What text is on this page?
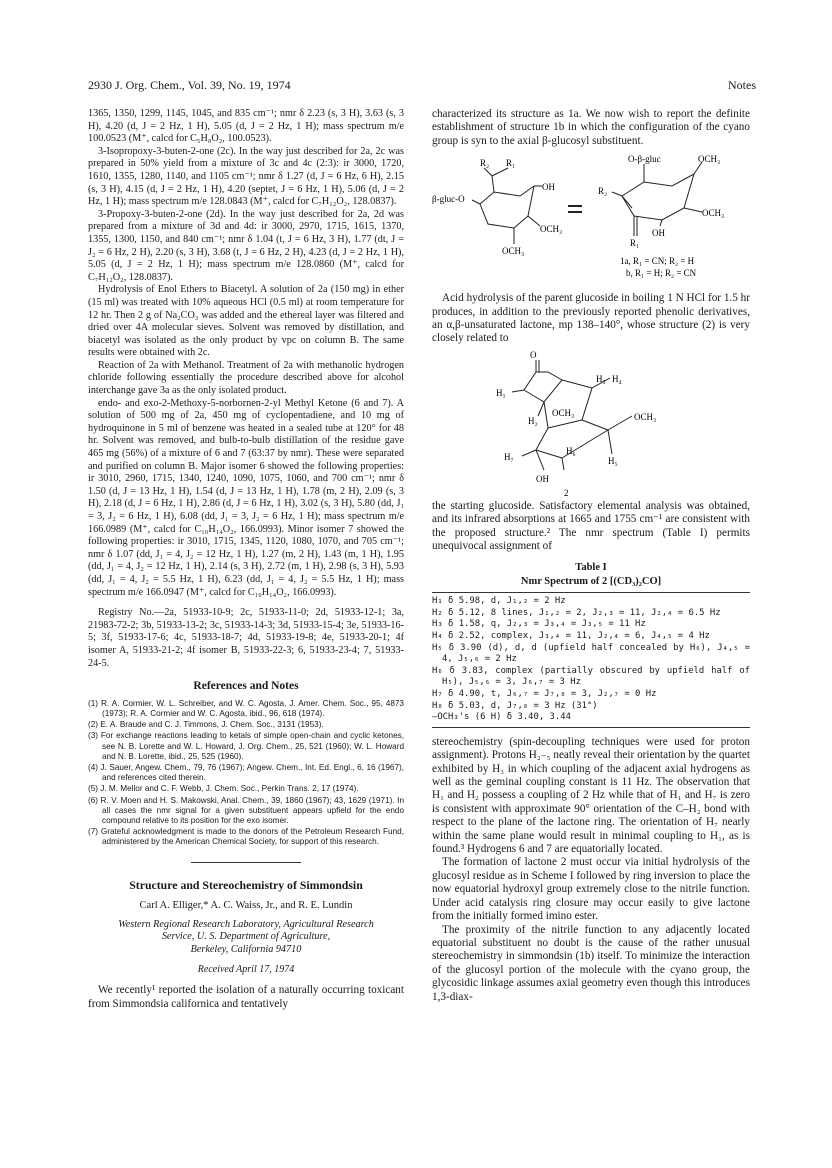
2930 J. Org. Chem., Vol. 39, No. 19, 1974	Notes

1365, 1350, 1299, 1145, 1045, and 835 cm⁻¹; nmr δ 2.23 (s, 3 H), 3.63 (s, 3 H), 4.20 (d, J = 2 Hz, 1 H), 5.05 (d, J = 2 Hz, 1 H); mass spectrum m/e 100.0523 (M⁺, calcd for C₅H₈O₂, 100.0523).

3-Isopropoxy-3-buten-2-one (2c). In the way just described for 2a, 2c was prepared in 50% yield from a mixture of 3c and 4c (2:3): ir 3000, 1720, 1610, 1355, 1280, 1140, and 1105 cm⁻¹; nmr δ 1.27 (d, J = 6 Hz, 6 H), 2.15 (s, 3 H), 4.15 (d, J = 2 Hz, 1 H), 4.20 (septet, J = 6 Hz, 1 H), 5.06 (d, J = 2 Hz, 1 H); mass spectrum m/e 128.0843 (M⁺, calcd for C₇H₁₂O₂, 128.0837).

3-Propoxy-3-buten-2-one (2d). In the way just described for 2a, 2d was prepared from a mixture of 3d and 4d: ir 3000, 2970, 1715, 1615, 1370, 1355, 1300, 1150, and 840 cm⁻¹; nmr δ 1.04 (t, J = 6 Hz, 3 H), 1.77 (dt, J = J₂ = 6 Hz, 2 H), 2.20 (s, 3 H), 3.68 (t, J = 6 Hz, 2 H), 4.23 (d, J = 2 Hz, 1 H), 5.05 (d, J = 2 Hz, 1 H); mass spectrum m/e 128.0860 (M⁺, calcd for C₇H₁₂O₂, 128.0837).

Hydrolysis of Enol Ethers to Biacetyl. A solution of 2a (150 mg) in ether (15 ml) was treated with 10% aqueous HCl (0.5 ml) at room temperature for 12 hr. Then 2 g of Na₂CO₃ was added and the ethereal layer was filtered and dried over 4A molecular sieves. Solvent was removed by distillation, and biacetyl was isolated as the only product by vpc on column B. The same results were obtained with 2c.

Reaction of 2a with Methanol. Treatment of 2a with methanolic hydrogen chloride following essentially the procedure described above for alcohol interchange gave 3a as the only isolated product.

endo- and exo-2-Methoxy-5-norbornen-2-yl Methyl Ketone (6 and 7). A solution of 500 mg of 2a, 450 mg of cyclopentadiene, and 10 mg of hydroquinone in 5 ml of benzene was heated in a sealed tube at 120° for 48 hr. Solvent was removed, and bulb-to-bulb distillation of the residue gave 465 mg (56%) of a mixture of 6 and 7 (63:37 by nmr). These were separated and purified on column B. Major isomer 6 showed the following properties: ir 3010, 2960, 1715, 1340, 1240, 1090, 1075, 1060, and 700 cm⁻¹; nmr δ 1.50 (d, J = 13 Hz, 1 H), 1.54 (d, J = 13 Hz, 1 H), 1.78 (m, 2 H), 2.09 (s, 3 H), 2.18 (d, J = 6 Hz, 1 H), 2.86 (d, J = 6 Hz, 1 H), 3.02 (s, 3 H), 5.80 (dd, J₁ = 3, J₂ = 6 Hz, 1 H), 6.08 (dd, J₁ = 3, J₂ = 6 Hz, 1 H); mass spectrum m/e 166.0989 (M⁺, calcd for C₁₀H₁₄O₂, 166.0993). Minor isomer 7 showed the following properties: ir 3010, 1715, 1345, 1120, 1080, 1070, and 705 cm⁻¹; nmr δ 1.07 (dd, J₁ = 4, J₂ = 12 Hz, 1 H), 1.27 (m, 2 H), 1.43 (m, 1 H), 1.95 (dd, J₁ = 4, J₂ = 12 Hz, 1 H), 2.14 (s, 3 H), 2.72 (m, 1 H), 2.98 (s, 3 H), 5.93 (dd, J₁ = 4, J₂ = 5.5 Hz, 1 H), 6.23 (dd, J₁ = 4, J₂ = 5.5 Hz, 1 H); mass spectrum m/e 166.0947 (M⁺, calcd for C₁₀H₁₄O₂, 166.0993).

Registry No.—2a, 51933-10-9; 2c, 51933-11-0; 2d, 51933-12-1; 3a, 21983-72-2; 3b, 51933-13-2; 3c, 51933-14-3; 3d, 51933-15-4; 3e, 51933-16-5; 3f, 51933-17-6; 4c, 51933-18-7; 4d, 51933-19-8; 4e, 51933-20-1; 4f isomer A, 51933-21-2; 4f isomer B, 51933-22-3; 6, 51933-23-4; 7, 51933-24-5.

References and Notes
(1) R. A. Cormier, W. L. Schreiber, and W. C. Agosta, J. Amer. Chem. Soc., 95, 4873 (1973); R. A. Cormier and W. C. Agosta, ibid., 96, 618 (1974).
(2) E. A. Braude and C. J. Timmons, J. Chem. Soc., 3131 (1953).
(3) For exchange reactions leading to ketals of simple open-chain and cyclic ketones, see N. B. Lorette and W. L. Howard, J. Org. Chem., 25, 521 (1960); W. L. Howard and N. B. Lorette, ibid., 25, 525 (1960).
(4) J. Sauer, Angew. Chem., 79, 76 (1967); Angew. Chem., Int. Ed. Engl., 6, 16 (1967), and references cited therein.
(5) J. M. Mellor and C. F. Webb, J. Chem. Soc., Perkin Trans. 2, 17 (1974).
(6) R. V. Moen and H. S. Makowski, Anal. Chem., 39, 1860 (1967); 43, 1629 (1971). In all cases the nmr signal for a given substituent appears upfield for the endo compound relative to its position for the exo isomer.
(7) Grateful acknowledgment is made to the donors of the Petroleum Research Fund, administered by the American Chemical Society, for support of this research.
Structure and Stereochemistry of Simmondsin
Carl A. Elliger,* A. C. Waiss, Jr., and R. E. Lundin
Western Regional Research Laboratory, Agricultural Research
Service, U. S. Department of Agriculture,
Berkeley, California 94710
Received April 17, 1974

We recently¹ reported the isolation of a naturally occurring toxicant from Simmondsia californica and tentatively

characterized its structure as 1a. We now wish to report the definite establishment of structure 1b in which the configuration of the cyano group is syn to the axial β-glucosyl substituent.

R₂ R₁
β-gluc-O
OH
OCH₃
OCH₃
O-β-gluc	OCH₃
OCH₃
OH
R₂
R₁
1a, R₁ = CN; R₂ = H
b, R₁ = H; R₂ = CN

Acid hydrolysis of the parent glucoside in boiling 1 N HCl for 1.5 hr produces, in addition to the previously reported phenolic derivatives, an α,β-unsaturated lactone, mp 138–140°, whose structure (2) is very closely related to

O
H₁
H₂
H₃ H₄
OCH₃	OCH₃
H₅
H₇
H₆
OH
2

the starting glucoside. Satisfactory elemental analysis was obtained, and its infrared absorptions at 1665 and 1755 cm⁻¹ are consistent with the proposed structure.² The nmr spectrum (Table I) permits unequivocal assignment of

Table I
Nmr Spectrum of 2 [(CD₃)₂CO]
H₁ δ 5.98, d, J₁,₂ = 2 Hz
H₂ δ 5.12, 8 lines, J₁,₂ = 2, J₂,₃ = 11, J₂,₄ = 6.5 Hz
H₃ δ 1.58, q, J₂,₃ = J₃,₄ = J₃,₅ = 11 Hz
H₄ δ 2.52, complex, J₃,₄ = 11, J₂,₄ = 6, J₄,₅ = 4 Hz
H₅ δ 3.90 (d), d, d (upfield half concealed by H₆), J₄,₅ = 4, J₅,₆ = 2 Hz
H₆ δ 3.83, complex (partially obscured by upfield half of H₅), J₅,₆ = 3, J₆,₇ = 3 Hz
H₇ δ 4.90, t, J₆,₇ = J₇,₈ = 3, J₂,₇ = 0 Hz
H₈ δ 5.03, d, J₇,₈ = 3 Hz (31°)
–OCH₃'s (6 H) δ 3.40, 3.44

stereochemistry (spin-decoupling techniques were used for proton assignment). Protons H₂₋₅ neatly reveal their orientation by the quartet exhibited by H₃ in which coupling of the adjacent axial hydrogens as well as the geminal coupling constant is 11 Hz. The observation that H₁ and H₂ possess a coupling of 2 Hz while that of H₁ and H₇ is zero is consistent with approximate 90° orientation of the C–H₂ bond with respect to the plane of the lactone ring. The orientation of H₇ nearly within the same plane would result in minimal coupling to H₁, as is found.³ Hydrogens 6 and 7 are equatorially located.

The formation of lactone 2 must occur via initial hydrolysis of the glucosyl residue as in Scheme I followed by ring inversion to place the now equatorial hydroxyl group extremely close to the nitrile function. Under acid catalysis ring closure may occur easily to give lactone from the initially formed imino ester.

The proximity of the nitrile function to any adjacently located equatorial substituent no doubt is the cause of the rather unusual stereochemistry in simmondsin (1b) itself. To minimize the interaction of the glucosyl portion of the molecule with the cyano group, the glycosidic linkage assumes axial geometry even though this introduces 1,3-diax-
